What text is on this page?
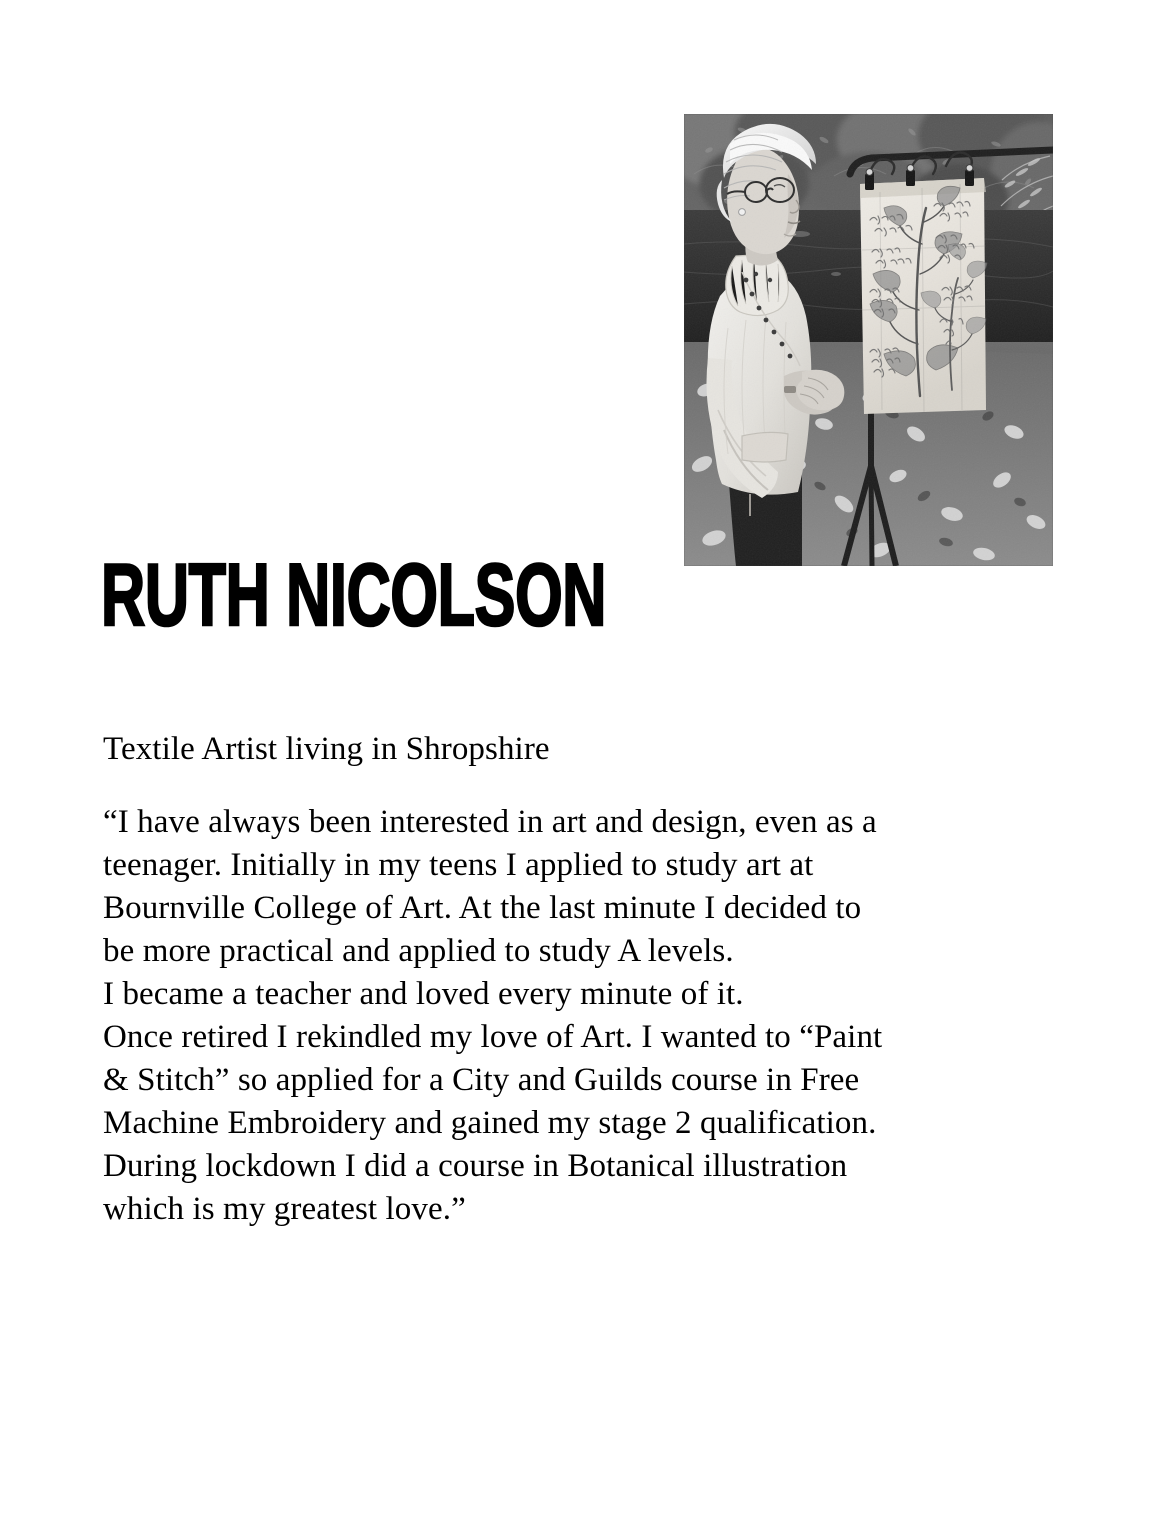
RUTH NICOLSON

Textile Artist living in Shropshire

“I have always been interested in art and design, even as a
teenager. Initially in my teens I applied to study art at
Bournville College of Art. At the last minute I decided to
be more practical and applied to study A levels.
I became a teacher and loved every minute of it.
Once retired I rekindled my love of Art. I wanted to “Paint
& Stitch” so applied for a City and Guilds course in Free
Machine Embroidery and gained my stage 2 qualification.
During lockdown I did a course in Botanical illustration
which is my greatest love.”
